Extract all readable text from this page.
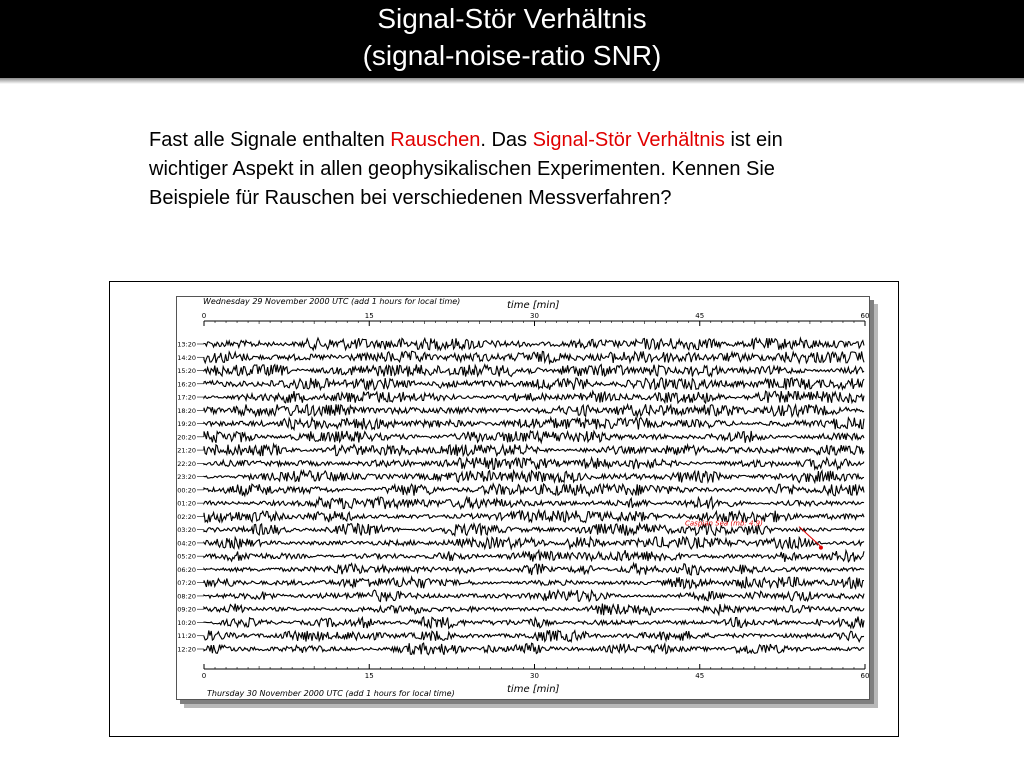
Signal-Stör Verhältnis
(signal-noise-ratio SNR)
Fast alle Signale enthalten Rauschen. Das Signal-Stör Verhältnis ist ein wichtiger Aspekt in allen geophysikalischen Experimenten. Kennen Sie Beispiele für Rauschen bei verschiedenen Messverfahren?
Wednesday 29 November 2000 UTC (add 1 hours for local time)	time [min]
Thursday 30 November 2000 UTC (add 1 hours for local time)	time [min]
0
0
15
15
30
30
45
45
60
60
13:20
14:20
15:20
16:20
17:20
18:20
19:20
20:20
21:20
22:20
23:20
00:20
01:20
02:20
03:20
04:20
05:20
06:20
07:20
08:20
09:20
10:20
11:20
12:20
Caspian Sea (mb: 4.9)
